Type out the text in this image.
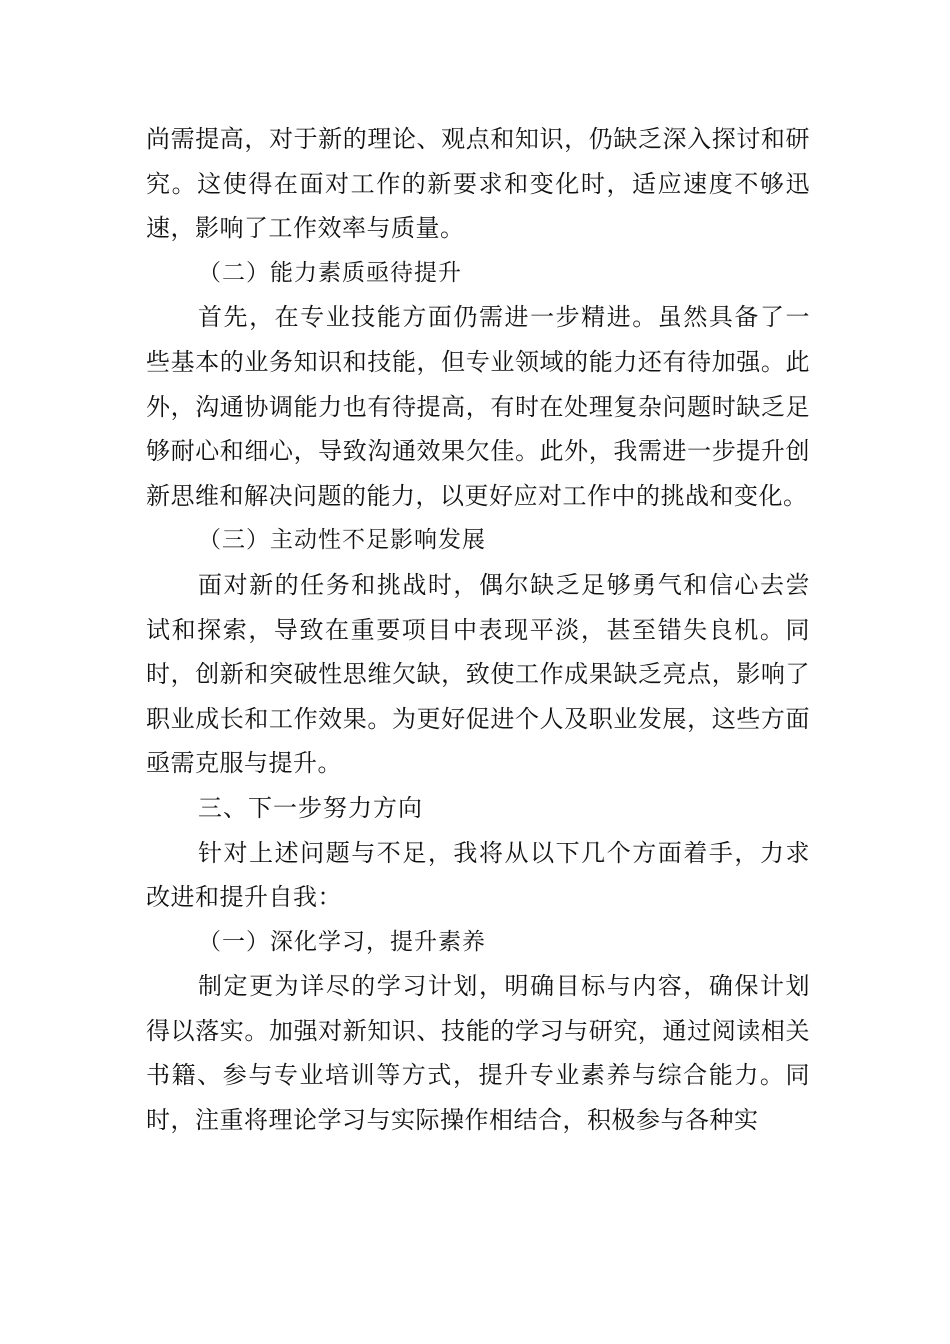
尚需提高，对于新的理论、观点和知识，仍缺乏深入探讨和研究。这使得在面对工作的新要求和变化时，适应速度不够迅速，影响了工作效率与质量。

（二）能力素质亟待提升

首先，在专业技能方面仍需进一步精进。虽然具备了一些基本的业务知识和技能，但专业领域的能力还有待加强。此外，沟通协调能力也有待提高，有时在处理复杂问题时缺乏足够耐心和细心，导致沟通效果欠佳。此外，我需进一步提升创新思维和解决问题的能力，以更好应对工作中的挑战和变化。

（三）主动性不足影响发展

面对新的任务和挑战时，偶尔缺乏足够勇气和信心去尝试和探索，导致在重要项目中表现平淡，甚至错失良机。同时，创新和突破性思维欠缺，致使工作成果缺乏亮点，影响了职业成长和工作效果。为更好促进个人及职业发展，这些方面亟需克服与提升。

三、下一步努力方向

针对上述问题与不足，我将从以下几个方面着手，力求改进和提升自我：

（一）深化学习，提升素养

制定更为详尽的学习计划，明确目标与内容，确保计划得以落实。加强对新知识、技能的学习与研究，通过阅读相关书籍、参与专业培训等方式，提升专业素养与综合能力。同时，注重将理论学习与实际操作相结合，积极参与各种实
